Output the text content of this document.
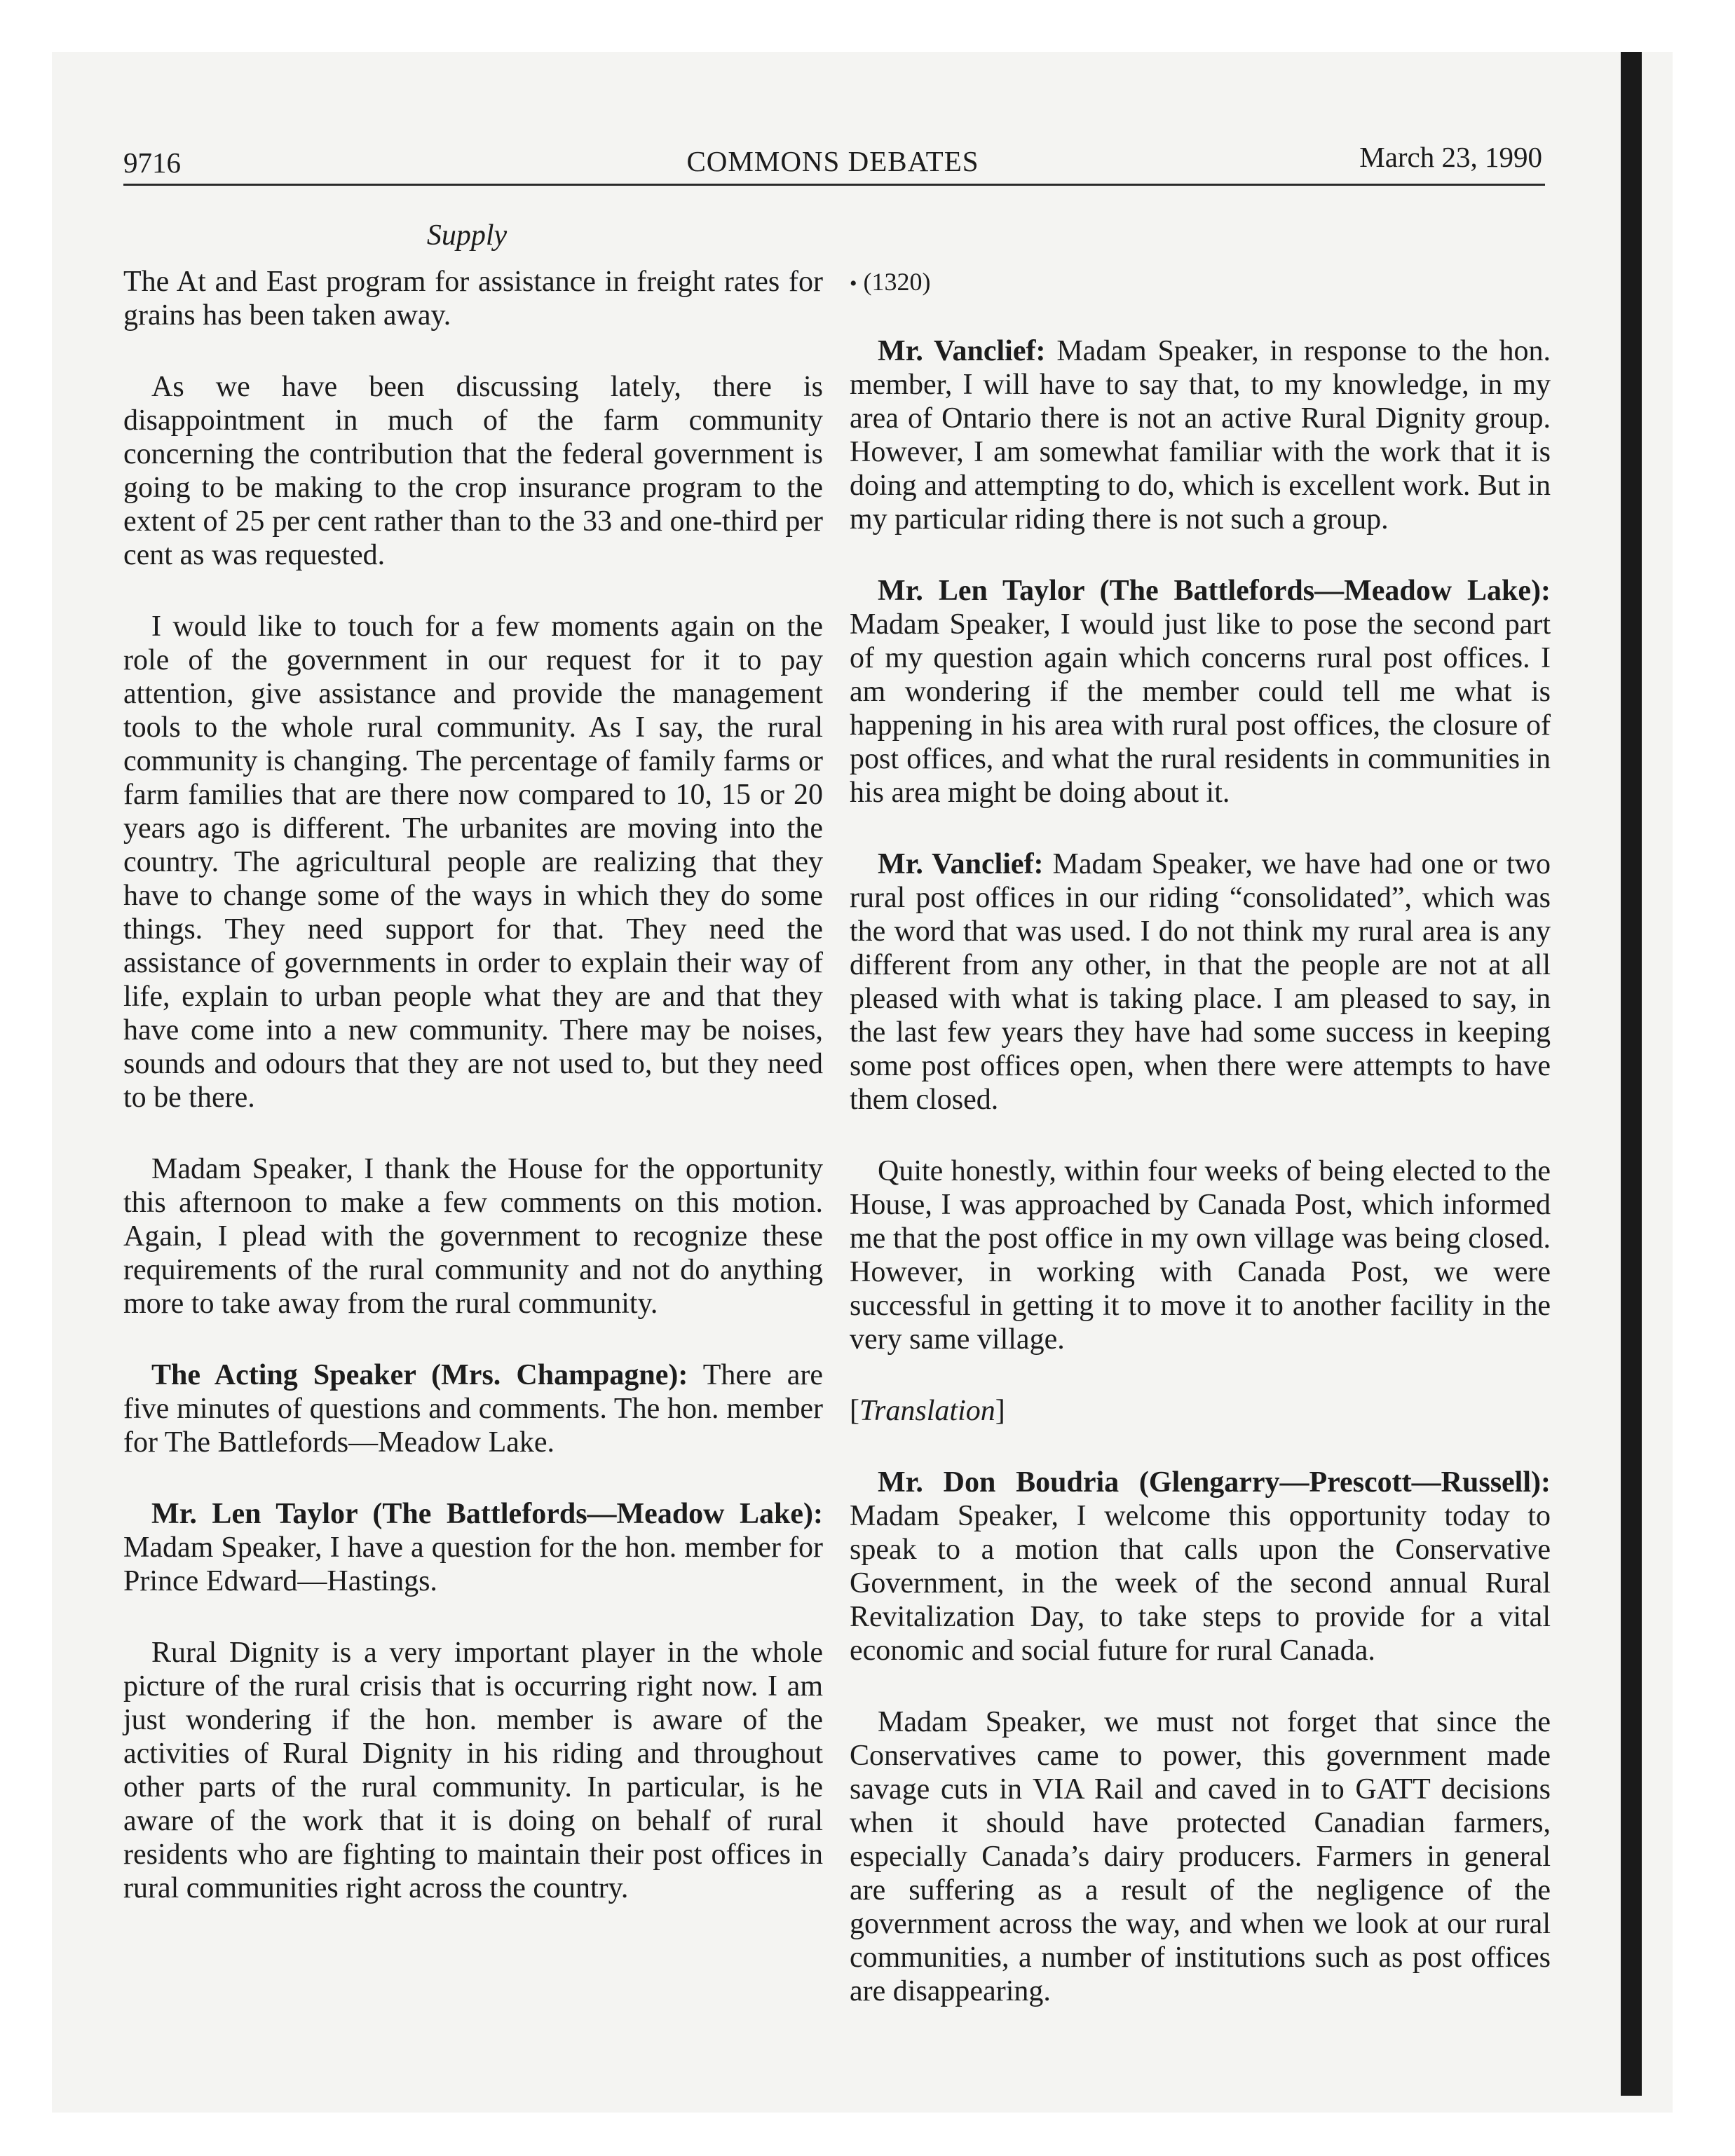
9716	COMMONS DEBATES	March 23, 1990
Supply

The At and East program for assistance in freight rates for grains has been taken away.

As we have been discussing lately, there is disappointment in much of the farm community concerning the contribution that the federal government is going to be making to the crop insurance program to the extent of 25 per cent rather than to the 33 and one-third per cent as was requested.

I would like to touch for a few moments again on the role of the government in our request for it to pay attention, give assistance and provide the management tools to the whole rural community. As I say, the rural community is changing. The percentage of family farms or farm families that are there now compared to 10, 15 or 20 years ago is different. The urbanites are moving into the country. The agricultural people are realizing that they have to change some of the ways in which they do some things. They need support for that. They need the assistance of governments in order to explain their way of life, explain to urban people what they are and that they have come into a new community. There may be noises, sounds and odours that they are not used to, but they need to be there.

Madam Speaker, I thank the House for the opportunity this afternoon to make a few comments on this motion. Again, I plead with the government to recognize these requirements of the rural community and not do anything more to take away from the rural community.

The Acting Speaker (Mrs. Champagne): There are five minutes of questions and comments. The hon. member for The Battlefords—Meadow Lake.

Mr. Len Taylor (The Battlefords—Meadow Lake): Madam Speaker, I have a question for the hon. member for Prince Edward—Hastings.

Rural Dignity is a very important player in the whole picture of the rural crisis that is occurring right now. I am just wondering if the hon. member is aware of the activities of Rural Dignity in his riding and throughout other parts of the rural community. In particular, is he aware of the work that it is doing on behalf of rural residents who are fighting to maintain their post offices in rural communities right across the country.

• (1320)

Mr. Vanclief: Madam Speaker, in response to the hon. member, I will have to say that, to my knowledge, in my area of Ontario there is not an active Rural Dignity group. However, I am somewhat familiar with the work that it is doing and attempting to do, which is excellent work. But in my particular riding there is not such a group.

Mr. Len Taylor (The Battlefords—Meadow Lake): Madam Speaker, I would just like to pose the second part of my question again which concerns rural post offices. I am wondering if the member could tell me what is happening in his area with rural post offices, the closure of post offices, and what the rural residents in communities in his area might be doing about it.

Mr. Vanclief: Madam Speaker, we have had one or two rural post offices in our riding “consolidated”, which was the word that was used. I do not think my rural area is any different from any other, in that the people are not at all pleased with what is taking place. I am pleased to say, in the last few years they have had some success in keeping some post offices open, when there were attempts to have them closed.

Quite honestly, within four weeks of being elected to the House, I was approached by Canada Post, which informed me that the post office in my own village was being closed. However, in working with Canada Post, we were successful in getting it to move it to another facility in the very same village.

[Translation]

Mr. Don Boudria (Glengarry—Prescott—Russell): Madam Speaker, I welcome this opportunity today to speak to a motion that calls upon the Conservative Government, in the week of the second annual Rural Revitalization Day, to take steps to provide for a vital economic and social future for rural Canada.

Madam Speaker, we must not forget that since the Conservatives came to power, this government made savage cuts in VIA Rail and caved in to GATT decisions when it should have protected Canadian farmers, especially Canada’s dairy producers. Farmers in general are suffering as a result of the negligence of the government across the way, and when we look at our rural communities, a number of institutions such as post offices are disappearing.
